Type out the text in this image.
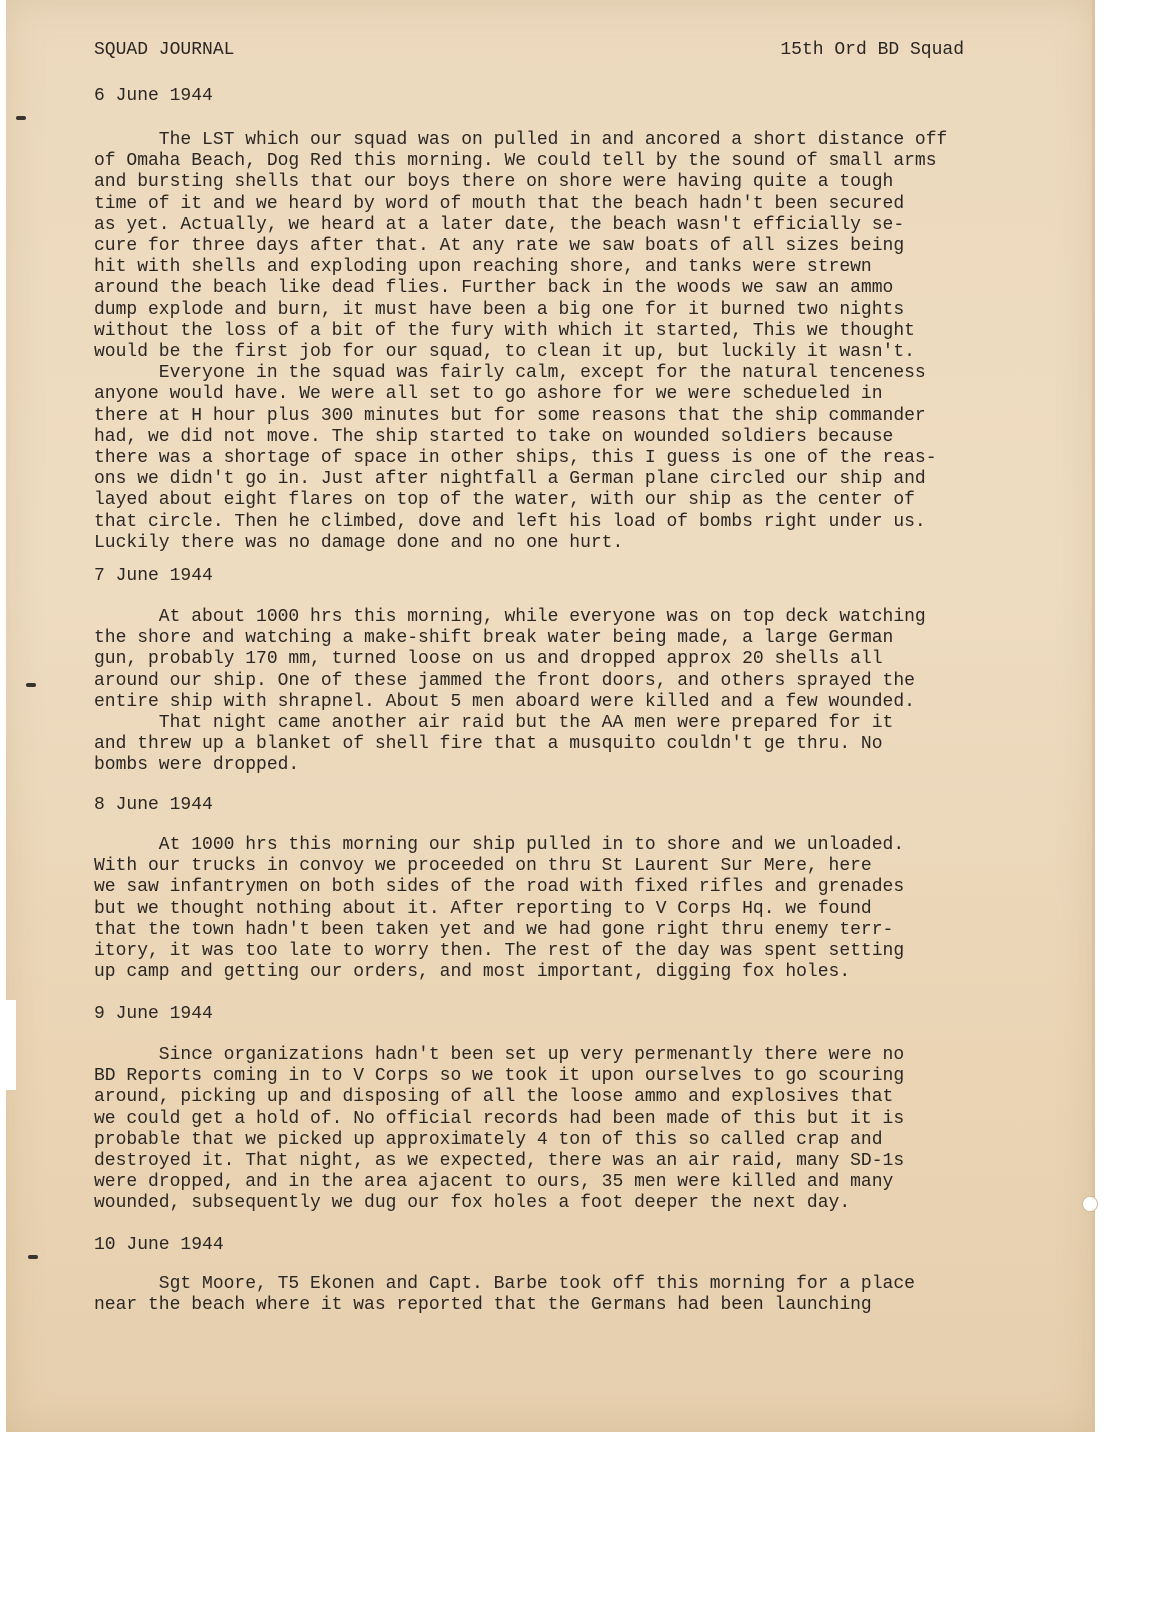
SQUAD JOURNAL	15th Ord BD Squad
6 June 1944
The LST which our squad was on pulled in and ancored a short distance off
of Omaha Beach, Dog Red this morning. We could tell by the sound of small arms
and bursting shells that our boys there on shore were having quite a tough
time of it and we heard by word of mouth that the beach hadn't been secured
as yet. Actually, we heard at a later date, the beach wasn't efficially se-
cure for three days after that. At any rate we saw boats of all sizes being
hit with shells and exploding upon reaching shore, and tanks were strewn
around the beach like dead flies. Further back in the woods we saw an ammo
dump explode and burn, it must have been a big one for it burned two nights
without the loss of a bit of the fury with which it started, This we thought
would be the first job for our squad, to clean it up, but luckily it wasn't.
Everyone in the squad was fairly calm, except for the natural tenceness
anyone would have. We were all set to go ashore for we were schedueled in
there at H hour plus 300 minutes but for some reasons that the ship commander
had, we did not move. The ship started to take on wounded soldiers because
there was a shortage of space in other ships, this I guess is one of the reas-
ons we didn't go in. Just after nightfall a German plane circled our ship and
layed about eight flares on top of the water, with our ship as the center of
that circle. Then he climbed, dove and left his load of bombs right under us.
Luckily there was no damage done and no one hurt.
7 June 1944
At about 1000 hrs this morning, while everyone was on top deck watching
the shore and watching a make-shift break water being made, a large German
gun, probably 170 mm, turned loose on us and dropped approx 20 shells all
around our ship. One of these jammed the front doors, and others sprayed the
entire ship with shrapnel. About 5 men aboard were killed and a few wounded.
That night came another air raid but the AA men were prepared for it
and threw up a blanket of shell fire that a musquito couldn't ge thru. No
bombs were dropped.
8 June 1944
At 1000 hrs this morning our ship pulled in to shore and we unloaded.
With our trucks in convoy we proceeded on thru St Laurent Sur Mere, here
we saw infantrymen on both sides of the road with fixed rifles and grenades
but we thought nothing about it. After reporting to V Corps Hq. we found
that the town hadn't been taken yet and we had gone right thru enemy terr-
itory, it was too late to worry then. The rest of the day was spent setting
up camp and getting our orders, and most important, digging fox holes.
9 June 1944
Since organizations hadn't been set up very permenantly there were no
BD Reports coming in to V Corps so we took it upon ourselves to go scouring
around, picking up and disposing of all the loose ammo and explosives that
we could get a hold of. No official records had been made of this but it is
probable that we picked up approximately 4 ton of this so called crap and
destroyed it. That night, as we expected, there was an air raid, many SD-1s
were dropped, and in the area ajacent to ours, 35 men were killed and many
wounded, subsequently we dug our fox holes a foot deeper the next day.
10 June 1944
Sgt Moore, T5 Ekonen and Capt. Barbe took off this morning for a place
near the beach where it was reported that the Germans had been launching
